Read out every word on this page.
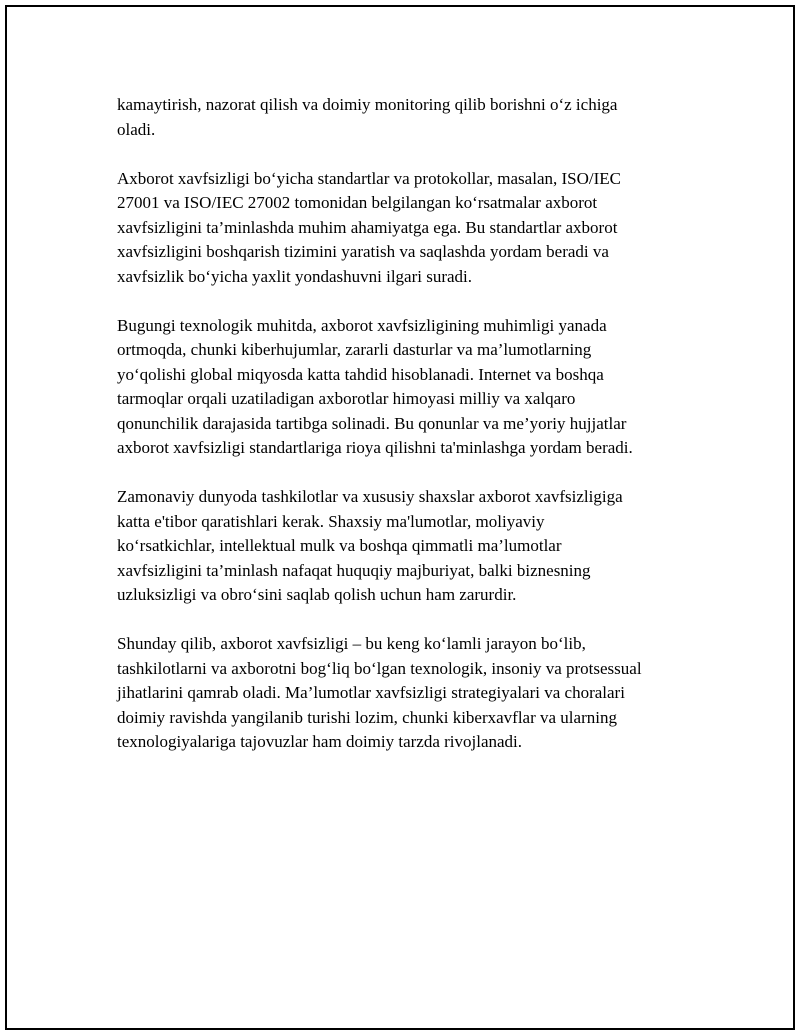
kamaytirish, nazorat qilish va doimiy monitoring qilib borishni o‘z ichiga
oladi.

Axborot xavfsizligi bo‘yicha standartlar va protokollar, masalan, ISO/IEC
27001 va ISO/IEC 27002 tomonidan belgilangan ko‘rsatmalar axborot
xavfsizligini ta’minlashda muhim ahamiyatga ega. Bu standartlar axborot
xavfsizligini boshqarish tizimini yaratish va saqlashda yordam beradi va
xavfsizlik bo‘yicha yaxlit yondashuvni ilgari suradi.

Bugungi texnologik muhitda, axborot xavfsizligining muhimligi yanada
ortmoqda, chunki kiberhujumlar, zararli dasturlar va ma’lumotlarning
yo‘qolishi global miqyosda katta tahdid hisoblanadi. Internet va boshqa
tarmoqlar orqali uzatiladigan axborotlar himoyasi milliy va xalqaro
qonunchilik darajasida tartibga solinadi. Bu qonunlar va me’yoriy hujjatlar
axborot xavfsizligi standartlariga rioya qilishni ta'minlashga yordam beradi.

Zamonaviy dunyoda tashkilotlar va xususiy shaxslar axborot xavfsizligiga
katta e'tibor qaratishlari kerak. Shaxsiy ma'lumotlar, moliyaviy
ko‘rsatkichlar, intellektual mulk va boshqa qimmatli ma’lumotlar
xavfsizligini ta’minlash nafaqat huquqiy majburiyat, balki biznesning
uzluksizligi va obro‘sini saqlab qolish uchun ham zarurdir.

Shunday qilib, axborot xavfsizligi – bu keng ko‘lamli jarayon bo‘lib,
tashkilotlarni va axborotni bog‘liq bo‘lgan texnologik, insoniy va protsessual
jihatlarini qamrab oladi. Ma’lumotlar xavfsizligi strategiyalari va choralari
doimiy ravishda yangilanib turishi lozim, chunki kiberxavflar va ularning
texnologiyalariga tajovuzlar ham doimiy tarzda rivojlanadi.
